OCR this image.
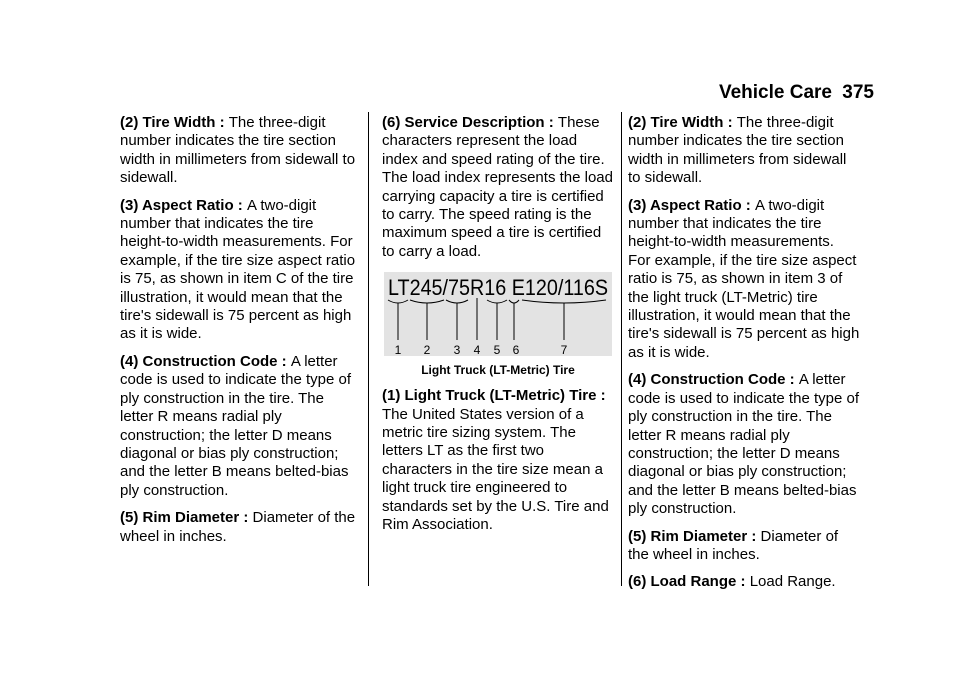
Vehicle Care 375

(2) Tire Width : The three-digit number indicates the tire section width in millimeters from sidewall to sidewall.

(3) Aspect Ratio : A two-digit number that indicates the tire height-to-width measurements. For example, if the tire size aspect ratio is 75, as shown in item C of the tire illustration, it would mean that the tire's sidewall is 75 percent as high as it is wide.

(4) Construction Code : A letter code is used to indicate the type of ply construction in the tire. The letter R means radial ply construction; the letter D means diagonal or bias ply construction; and the letter B means belted-bias ply construction.

(5) Rim Diameter : Diameter of the wheel in inches.

(6) Service Description : These characters represent the load index and speed rating of the tire. The load index represents the load carrying capacity a tire is certified to carry. The speed rating is the maximum speed a tire is certified to carry a load.

LT245/75R16 E120/116S
1 2 3 4 5 6	7
Light Truck (LT-Metric) Tire

(1) Light Truck (LT-Metric) Tire : The United States version of a metric tire sizing system. The letters LT as the first two characters in the tire size mean a light truck tire engineered to standards set by the U.S. Tire and Rim Association.

(2) Tire Width : The three-digit number indicates the tire section width in millimeters from sidewall to sidewall.

(3) Aspect Ratio : A two-digit number that indicates the tire height-to-width measurements. For example, if the tire size aspect ratio is 75, as shown in item 3 of the light truck (LT-Metric) tire illustration, it would mean that the tire's sidewall is 75 percent as high as it is wide.

(4) Construction Code : A letter code is used to indicate the type of ply construction in the tire. The letter R means radial ply construction; the letter D means diagonal or bias ply construction; and the letter B means belted-bias ply construction.

(5) Rim Diameter : Diameter of the wheel in inches.

(6) Load Range : Load Range.
